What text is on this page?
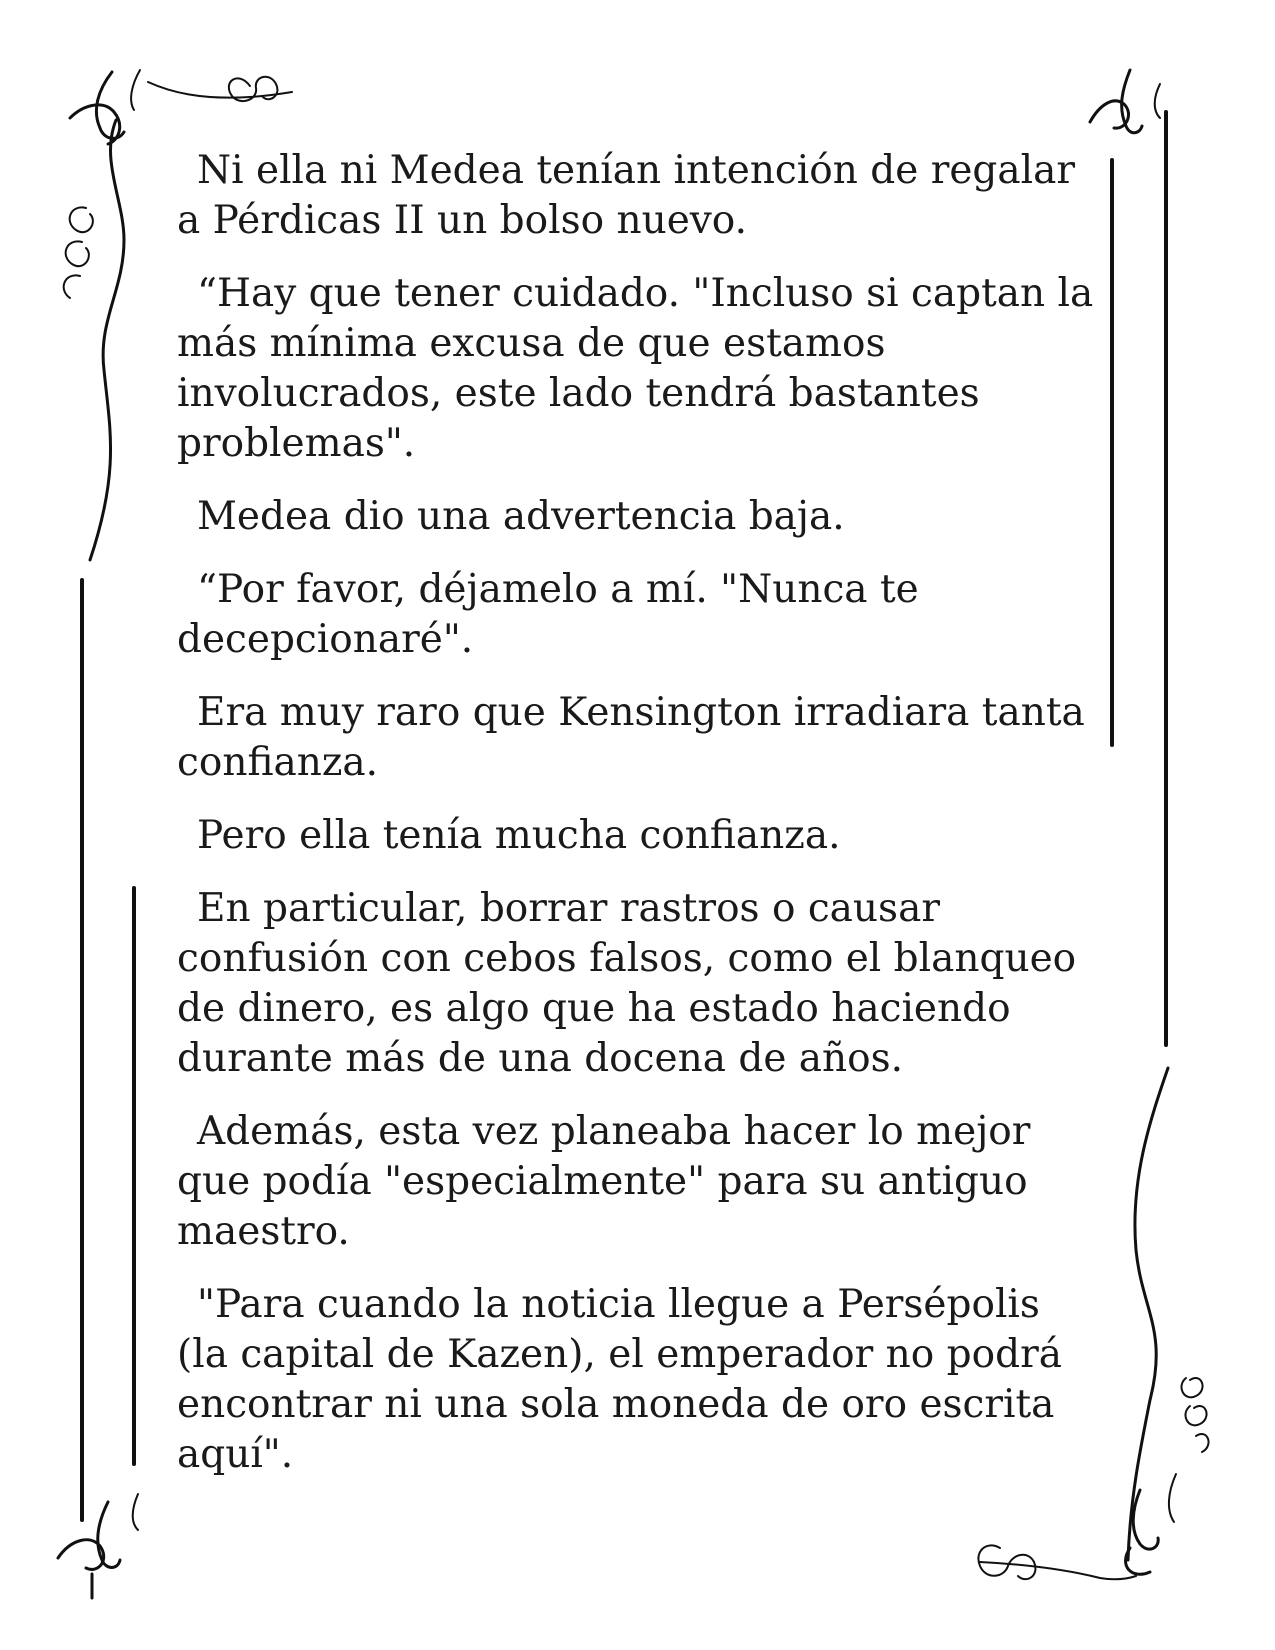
Ni ella ni Medea tenían intención de regalar a Pérdicas II un bolso nuevo.

“Hay que tener cuidado. "Incluso si captan la más mínima excusa de que estamos involucrados, este lado tendrá bastantes problemas".

Medea dio una advertencia baja.

“Por favor, déjamelo a mí. "Nunca te decepcionaré".

Era muy raro que Kensington irradiara tanta confianza.

Pero ella tenía mucha confianza.

En particular, borrar rastros o causar confusión con cebos falsos, como el blanqueo de dinero, es algo que ha estado haciendo durante más de una docena de años.

Además, esta vez planeaba hacer lo mejor que podía "especialmente" para su antiguo maestro.

"Para cuando la noticia llegue a Persépolis (la capital de Kazen), el emperador no podrá encontrar ni una sola moneda de oro escrita aquí".
